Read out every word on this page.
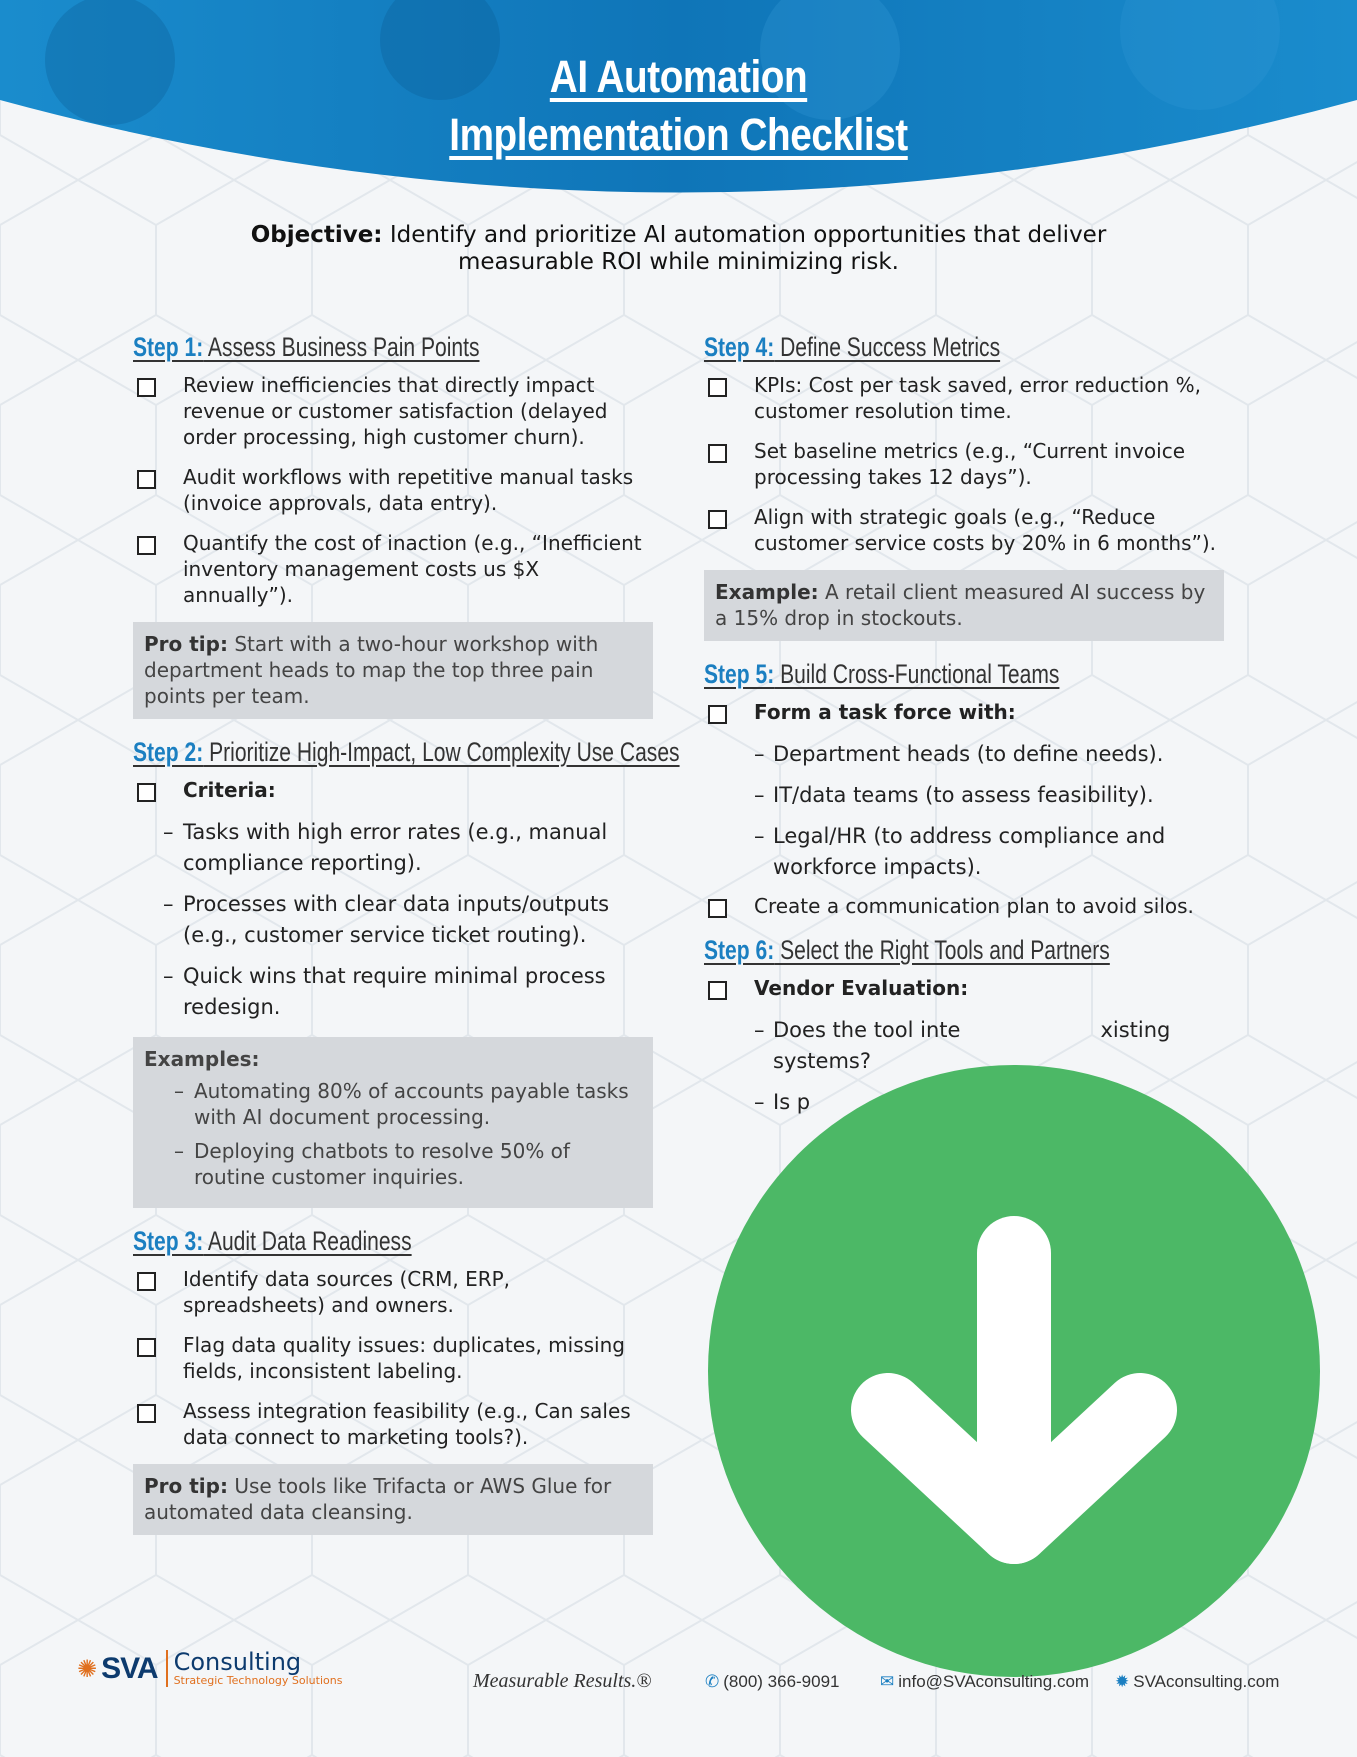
AI Automation
Implementation Checklist
Objective: Identify and prioritize AI automation opportunities that deliver measurable ROI while minimizing risk.
Step 1: Assess Business Pain Points
Review inefficiencies that directly impact revenue or customer satisfaction (delayed order processing, high customer churn).
Audit workflows with repetitive manual tasks (invoice approvals, data entry).
Quantify the cost of inaction (e.g., “Inefficient inventory management costs us $X annually”).
Pro tip: Start with a two-hour workshop with department heads to map the top three pain points per team.
Step 2: Prioritize High-Impact, Low Complexity Use Cases
Criteria:
– Tasks with high error rates (e.g., manual compliance reporting).
– Processes with clear data inputs/outputs (e.g., customer service ticket routing).
– Quick wins that require minimal process redesign.
Examples:
– Automating 80% of accounts payable tasks with AI document processing.
– Deploying chatbots to resolve 50% of routine customer inquiries.
Step 3: Audit Data Readiness
Identify data sources (CRM, ERP, spreadsheets) and owners.
Flag data quality issues: duplicates, missing fields, inconsistent labeling.
Assess integration feasibility (e.g., Can sales data connect to marketing tools?).
Pro tip: Use tools like Trifacta or AWS Glue for automated data cleansing.
Step 4: Define Success Metrics
KPIs: Cost per task saved, error reduction %, customer resolution time.
Set baseline metrics (e.g., “Current invoice processing takes 12 days”).
Align with strategic goals (e.g., “Reduce customer service costs by 20% in 6 months”).
Example: A retail client measured AI success by a 15% drop in stockouts.
Step 5: Build Cross-Functional Teams
Form a task force with:
– Department heads (to define needs).
– IT/data teams (to assess feasibility).
– Legal/HR (to address compliance and workforce impacts).
Create a communication plan to avoid silos.
Step 6: Select the Right Tools and Partners
Vendor Evaluation:
– Does the tool inte	xisting
systems?
– Is p
✺ SVA Consulting
Strategic Technology Solutions	Measurable Results.®	✆ (800) 366-9091 ✉ info@SVAconsulting.com ✹ SVAconsulting.com
